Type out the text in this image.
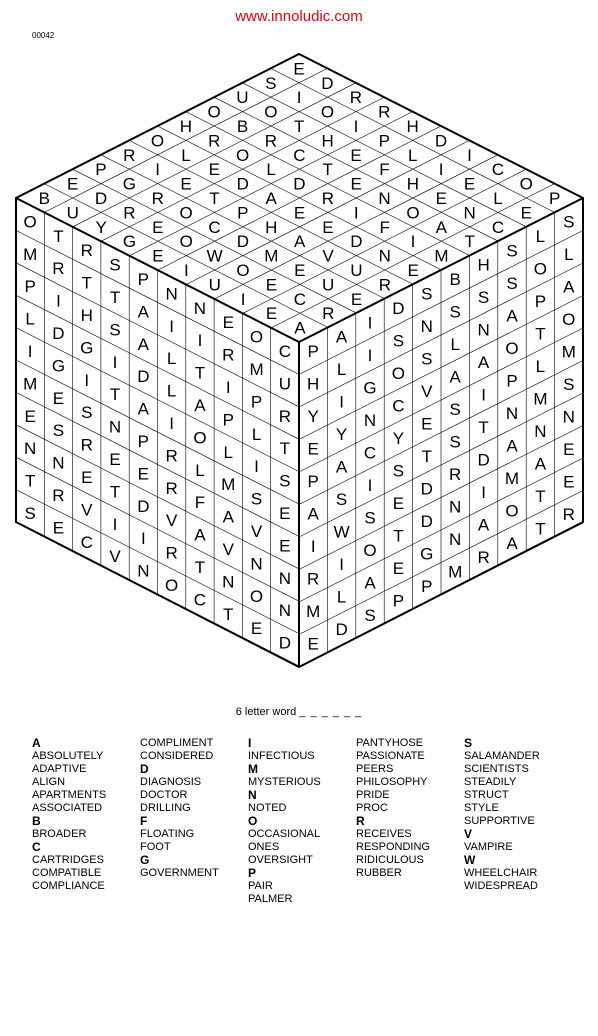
www.innoludic.com
00042
E
D
R
R
H
D
I
C
O
P
S
I
O
I
P
L
I
E
L
E
U
O
T
H
E
F
H
E
N
C
O
B
R
C
T
E
N
O
A
T
H
R
O
L
D
R
I
F
I
M
O
L
E
D
A
E
E
D
N
E
R
I
E
T
P
H
A
V
U
R
P
G
R
O
C
D
M
E
U
E
E
D
R
E
O
W
O
E
C
R
B
U
Y
G
E
I
U
I
E
A
O
T
R
S
P
N
N
E
O
C
M
R
T
T
A
I
I
R
M
U
P
I
H
S
A
L
T
I
P
R
L
D
G
I
D
L
A
P
L
T
I
G
I
T
A
I
O
L
I
S
M
E
S
N
P
R
L
M
S
E
E
S
R
E
E
R
F
A
V
E
N
N
E
T
D
V
A
V
N
N
T
R
V
I
I
R
T
N
O
N
S
E
C
V
N
O
C
T
E
D
P
A
I
D
S
B
H
S
L
S
H
L
I
S
N
S
S
S
O
L
Y
I
G
O
S
L
N
A
P
A
E
Y
N
C
V
A
A
O
T
O
P
A
C
Y
E
S
I
P
L
M
A
S
I
S
T
S
T
N
M
S
I
W
S
E
D
R
D
A
N
N
R
I
O
T
D
N
I
M
A
E
M
L
A
E
G
N
A
O
T
E
E
D
S
P
P
M
R
A
T
R
6 letter word _ _ _ _ _ _
A
ABSOLUTELY
ADAPTIVE
ALIGN
APARTMENTS
ASSOCIATED
B
BROADER
C
CARTRIDGES
COMPATIBLE
COMPLIANCE
COMPLIMENT
CONSIDERED
D
DIAGNOSIS
DOCTOR
DRILLING
F
FLOATING
FOOT
G
GOVERNMENT
I
INFECTIOUS
M
MYSTERIOUS
N
NOTED
O
OCCASIONAL
ONES
OVERSIGHT
P
PAIR
PALMER
PANTYHOSE
PASSIONATE
PEERS
PHILOSOPHY
PRIDE
PROC
R
RECEIVES
RESPONDING
RIDICULOUS
RUBBER
S
SALAMANDER
SCIENTISTS
STEADILY
STRUCT
STYLE
SUPPORTIVE
V
VAMPIRE
W
WHEELCHAIR
WIDESPREAD
